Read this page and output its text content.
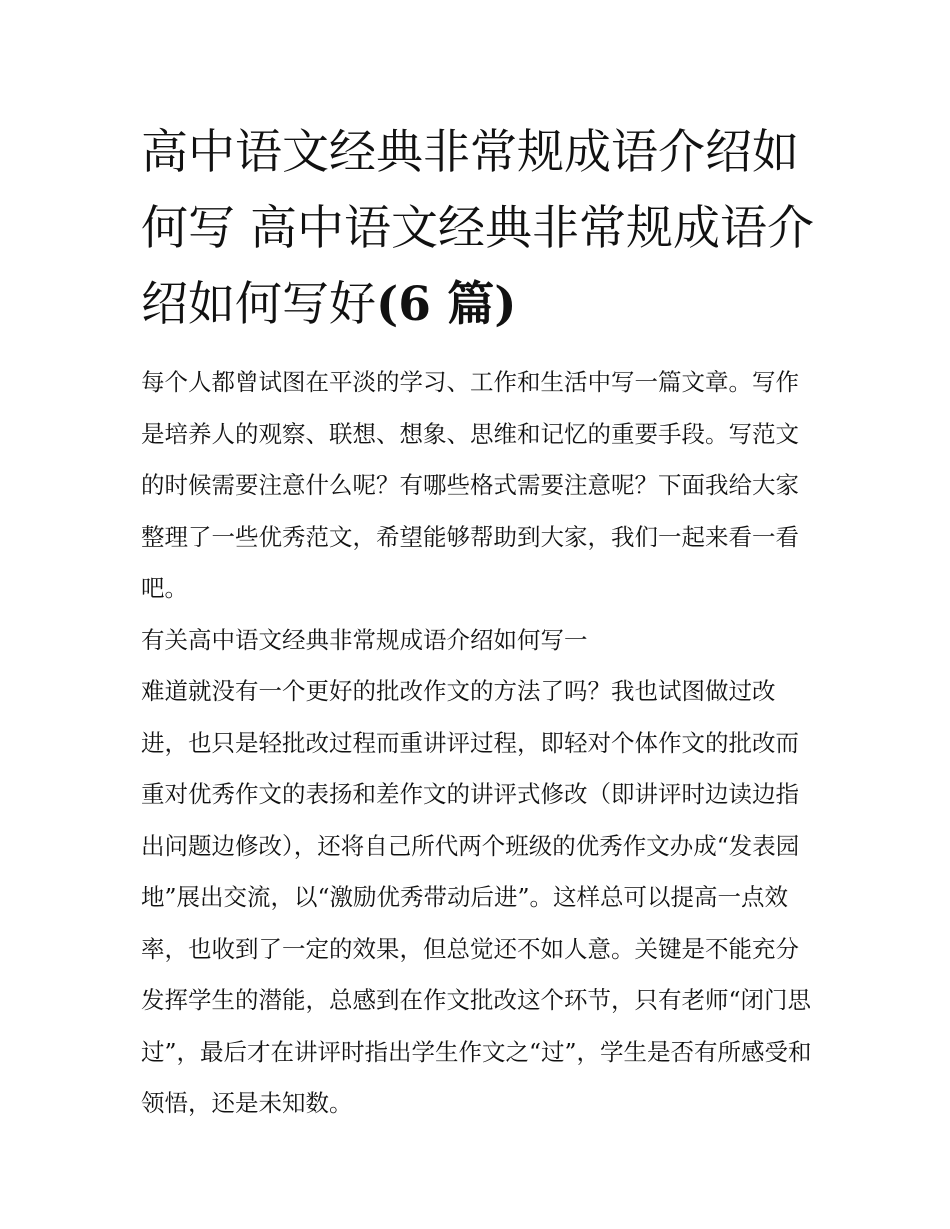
高中语文经典非常规成语介绍如何写 高中语文经典非常规成语介绍如何写好(6 篇)

每个人都曾试图在平淡的学习、工作和生活中写一篇文章。写作是培养人的观察、联想、想象、思维和记忆的重要手段。写范文的时候需要注意什么呢？有哪些格式需要注意呢？下面我给大家整理了一些优秀范文，希望能够帮助到大家，我们一起来看一看吧。

有关高中语文经典非常规成语介绍如何写一

难道就没有一个更好的批改作文的方法了吗？我也试图做过改进，也只是轻批改过程而重讲评过程，即轻对个体作文的批改而重对优秀作文的表扬和差作文的讲评式修改（即讲评时边读边指出问题边修改），还将自己所代两个班级的优秀作文办成“发表园地”展出交流，以“激励优秀带动后进”。这样总可以提高一点效率，也收到了一定的效果，但总觉还不如人意。关键是不能充分发挥学生的潜能，总感到在作文批改这个环节，只有老师“闭门思过”，最后才在讲评时指出学生作文之“过”，学生是否有所感受和领悟，还是未知数。
